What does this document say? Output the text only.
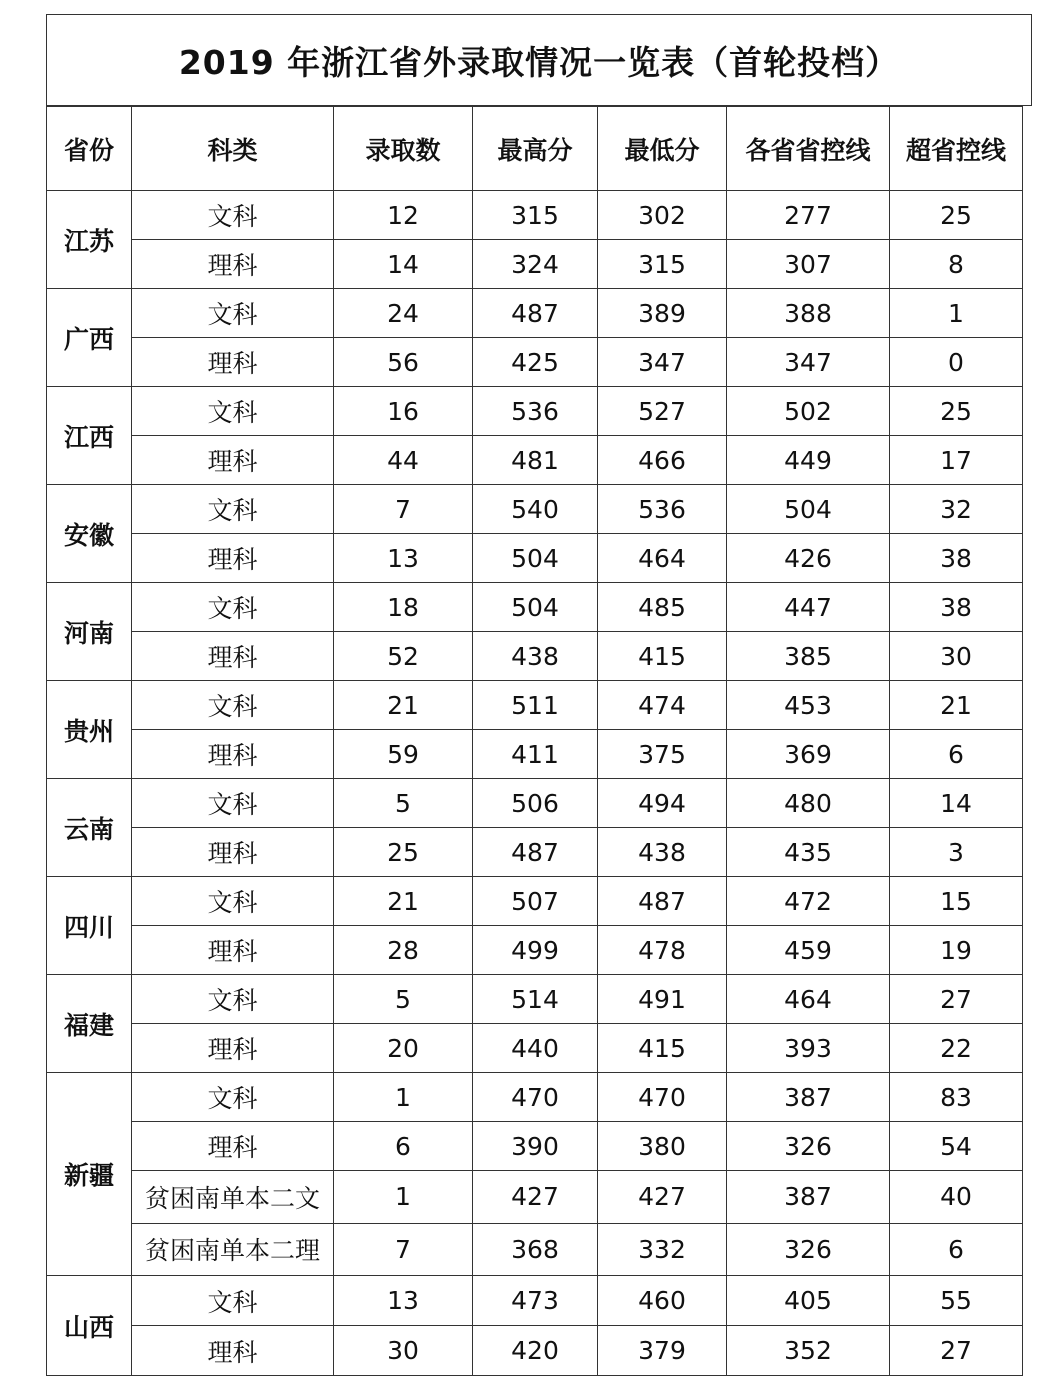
2019 年浙江省外录取情况一览表（首轮投档）
省份	科类	录取数	最高分	最低分	各省省控线	超省控线
江苏	文科	12	315	302	277	25
	理科	14	324	315	307	8
广西	文科	24	487	389	388	1
	理科	56	425	347	347	0
江西	文科	16	536	527	502	25
	理科	44	481	466	449	17
安徽	文科	7	540	536	504	32
	理科	13	504	464	426	38
河南	文科	18	504	485	447	38
	理科	52	438	415	385	30
贵州	文科	21	511	474	453	21
	理科	59	411	375	369	6
云南	文科	5	506	494	480	14
	理科	25	487	438	435	3
四川	文科	21	507	487	472	15
	理科	28	499	478	459	19
福建	文科	5	514	491	464	27
	理科	20	440	415	393	22
新疆	文科	1	470	470	387	83
	理科	6	390	380	326	54
	贫困南单本二文	1	427	427	387	40
	贫困南单本二理	7	368	332	326	6
山西	文科	13	473	460	405	55
	理科	30	420	379	352	27
